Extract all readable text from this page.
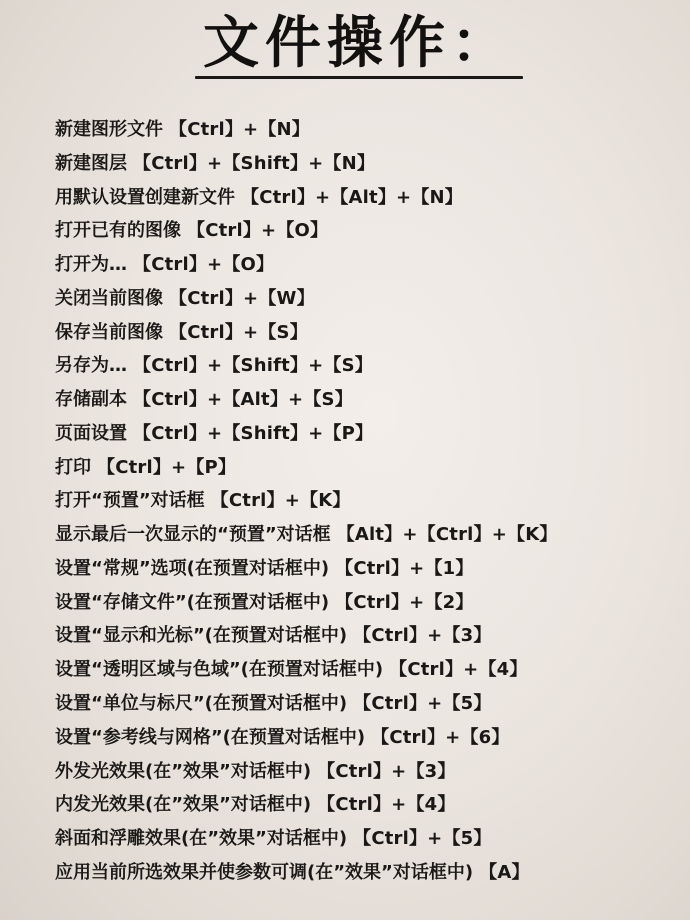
文件操作：
新建图形文件 【Ctrl】+【N】
新建图层 【Ctrl】+【Shift】+【N】
用默认设置创建新文件 【Ctrl】+【Alt】+【N】
打开已有的图像 【Ctrl】+【O】
打开为… 【Ctrl】+【O】
关闭当前图像 【Ctrl】+【W】
保存当前图像 【Ctrl】+【S】
另存为… 【Ctrl】+【Shift】+【S】
存储副本 【Ctrl】+【Alt】+【S】
页面设置 【Ctrl】+【Shift】+【P】
打印 【Ctrl】+【P】
打开“预置”对话框 【Ctrl】+【K】
显示最后一次显示的“预置”对话框 【Alt】+【Ctrl】+【K】
设置“常规”选项(在预置对话框中) 【Ctrl】+【1】
设置“存储文件”(在预置对话框中) 【Ctrl】+【2】
设置“显示和光标”(在预置对话框中) 【Ctrl】+【3】
设置“透明区域与色域”(在预置对话框中) 【Ctrl】+【4】
设置“单位与标尺”(在预置对话框中) 【Ctrl】+【5】
设置“参考线与网格”(在预置对话框中) 【Ctrl】+【6】
外发光效果(在”效果”对话框中) 【Ctrl】+【3】
内发光效果(在”效果”对话框中) 【Ctrl】+【4】
斜面和浮雕效果(在”效果”对话框中) 【Ctrl】+【5】
应用当前所选效果并使参数可调(在”效果”对话框中) 【A】
